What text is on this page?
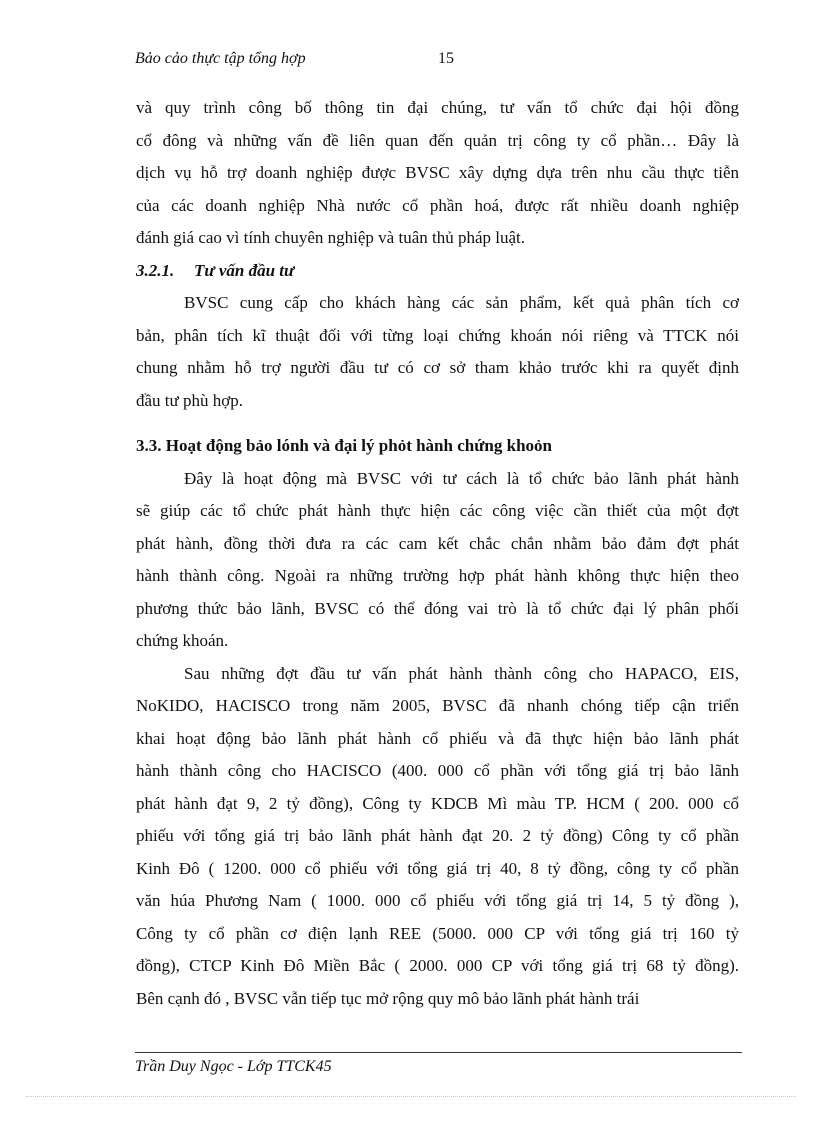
Bảo cảo thực tập tổng hợp	15
và quy trình công bố thông tin đại chúng, tư vấn tổ chức đại hội đồng
cổ đông và những vấn đề liên quan đến quản trị công ty cổ phần… Đây là
dịch vụ hỗ trợ doanh nghiệp được BVSC xây dựng dựa trên nhu cầu thực tiễn
của các doanh nghiệp Nhà nước cổ phần hoá, được rất nhiều doanh nghiệp
đánh giá cao vì tính chuyên nghiệp và tuân thủ pháp luật.
3.2.1. Tư vấn đầu tư
BVSC cung cấp cho khách hàng các sản phẩm, kết quả phân tích cơ
bản, phân tích kĩ thuật đối với từng loại chứng khoán nói riêng và TTCK nói
chung nhằm hỗ trợ người đầu tư có cơ sở tham khảo trước khi ra quyết định
đầu tư phù hợp.
3.3. Hoạt động bảo lónh và đại lý phỏt hành chứng khoỏn
Đây là hoạt động mà BVSC với tư cách là tổ chức bảo lãnh phát hành
sẽ giúp các tổ chức phát hành thực hiện các công việc cần thiết của một đợt
phát hành, đồng thời đưa ra các cam kết chắc chắn nhằm bảo đảm đợt phát
hành thành công. Ngoài ra những trường hợp phát hành không thực hiện theo
phương thức bảo lãnh, BVSC có thể đóng vai trò là tổ chức đại lý phân phối
chứng khoán.
Sau những đợt đầu tư vấn phát hành thành công cho HAPACO, EIS,
NoKIDO, HACISCO trong năm 2005, BVSC đã nhanh chóng tiếp cận triển
khai hoạt động bảo lãnh phát hành cổ phiếu và đã thực hiện bảo lãnh phát
hành thành công cho HACISCO (400. 000 cổ phần với tổng giá trị bảo lãnh
phát hành đạt 9, 2 tỷ đồng), Công ty KDCB Mì màu TP. HCM ( 200. 000 cổ
phiếu với tổng giá trị bảo lãnh phát hành đạt 20. 2 tỷ đồng) Công ty cổ phần
Kinh Đô ( 1200. 000 cổ phiếu với tổng giá trị 40, 8 tỷ đồng, công ty cổ phần
văn húa Phương Nam ( 1000. 000 cổ phiếu với tổng giá trị 14, 5 tỷ đồng ),
Công ty cổ phần cơ điện lạnh REE (5000. 000 CP với tổng giá trị 160 tỷ
đồng), CTCP Kinh Đô Miền Bắc ( 2000. 000 CP với tổng giá trị 68 tỷ đồng).
Bên cạnh đó , BVSC vẫn tiếp tục mở rộng quy mô bảo lãnh phát hành trái
Trần Duy Ngọc - Lớp TTCK45
